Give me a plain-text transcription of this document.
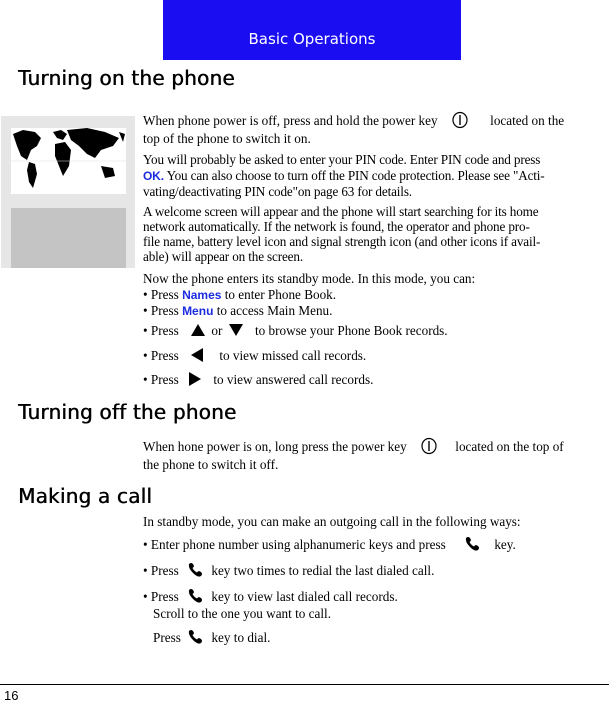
Basic Operations
Turning on the phone

When phone power is off, press and hold the power key	located on the

top of the phone to switch it on.

You will probably be asked to enter your PIN code. Enter PIN code and press
OK. You can also choose to turn off the PIN code protection. Please see "Acti-
vating/deactivating PIN code"on page 63 for details.

A welcome screen will appear and the phone will start searching for its home
network automatically. If the network is found, the operator and phone pro-
file name, battery level icon and signal strength icon (and other icons if avail-
able) will appear on the screen.

Now the phone enters its standby mode. In this mode, you can:

• Press Names to enter Phone Book.

• Press Menu to access Main Menu.

• Press or to browse your Phone Book records.

• Press	to view missed call records.

• Press	to view answered call records.

Turning off the phone

When hone power is on, long press the power key	located on the top of

the phone to switch it off.

Making a call

In standby mode, you can make an outgoing call in the following ways:

• Enter phone number using alphanumeric keys and press	key.

• Press key two times to redial the last dialed call.

• Press key to view last dialed call records.

Scroll to the one you want to call.

Press key to dial.

16
